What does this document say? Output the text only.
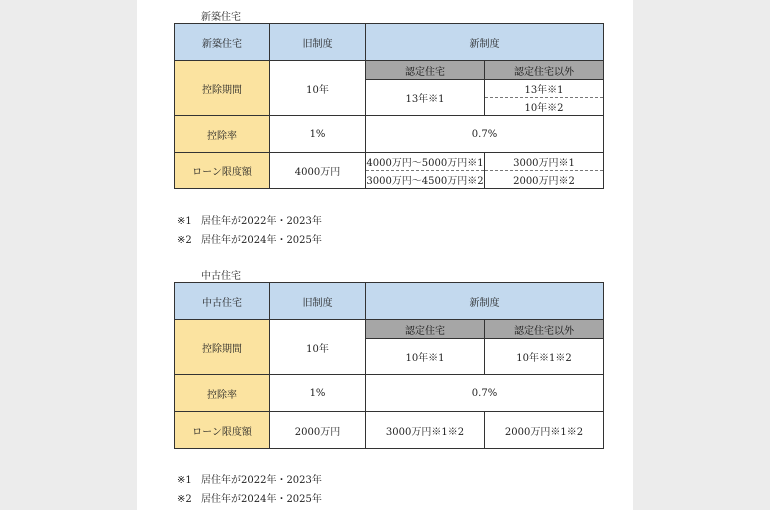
新築住宅
新築住宅	旧制度	新制度	
控除期間	10年	認定住宅	認定住宅以外
		13年※1	13年※1
			10年※2
控除率	1%	0.7%	
ローン限度額	4000万円	4000万円～5000万円※1	3000万円※1
		3000万円～4500万円※2	2000万円※2
※1 居住年が2022年・2023年
※2 居住年が2024年・2025年
中古住宅
中古住宅	旧制度	新制度	
控除期間	10年	認定住宅	認定住宅以外
		10年※1	10年※1※2
控除率	1%	0.7%	
ローン限度額	2000万円	3000万円※1※2	2000万円※1※2
※1 居住年が2022年・2023年
※2 居住年が2024年・2025年
